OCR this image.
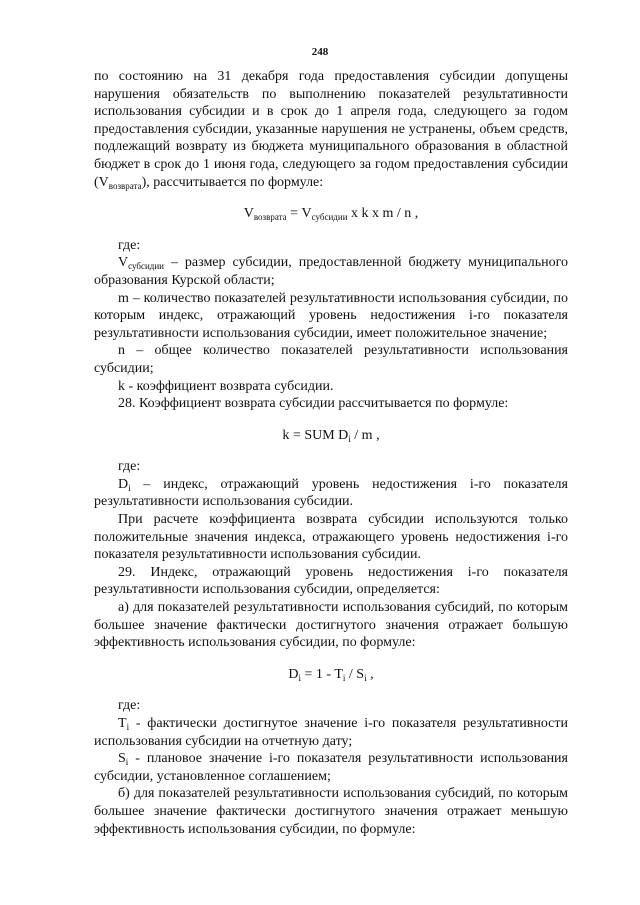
248

по состоянию на 31 декабря года предоставления субсидии допущены нарушения обязательств по выполнению показателей результативности использования субсидии и в срок до 1 апреля года, следующего за годом предоставления субсидии, указанные нарушения не устранены, объем средств, подлежащий возврату из бюджета муниципального образования в областной бюджет в срок до 1 июня года, следующего за годом предоставления субсидии $(V_{возврата})$, рассчитывается по формуле:

$V_{возврата} = V_{субсидии}$ x k x m / n ,

где:

$V_{субсидии}$ – размер субсидии, предоставленной бюджету муниципального образования Курской области;

m – количество показателей результативности использования субсидии, по которым индекс, отражающий уровень недостижения i-го показателя результативности использования субсидии, имеет положительное значение;

n – общее количество показателей результативности использования субсидии;

k - коэффициент возврата субсидии.

28. Коэффициент возврата субсидии рассчитывается по формуле:

k = SUM $D_i$ / m ,

где:

$D_i$ – индекс, отражающий уровень недостижения i-го показателя результативности использования субсидии.

При расчете коэффициента возврата субсидии используются только положительные значения индекса, отражающего уровень недостижения i-го показателя результативности использования субсидии.

29. Индекс, отражающий уровень недостижения i-го показателя результативности использования субсидии, определяется:

а) для показателей результативности использования субсидий, по которым большее значение фактически достигнутого значения отражает большую эффективность использования субсидии, по формуле:

$D_i = 1 - T_i / S_i$ ,

где:

$T_i$ - фактически достигнутое значение i-го показателя результативности использования субсидии на отчетную дату;

$S_i$ - плановое значение i-го показателя результативности использования субсидии, установленное соглашением;

б) для показателей результативности использования субсидий, по которым большее значение фактически достигнутого значения отражает меньшую эффективность использования субсидии, по формуле:
